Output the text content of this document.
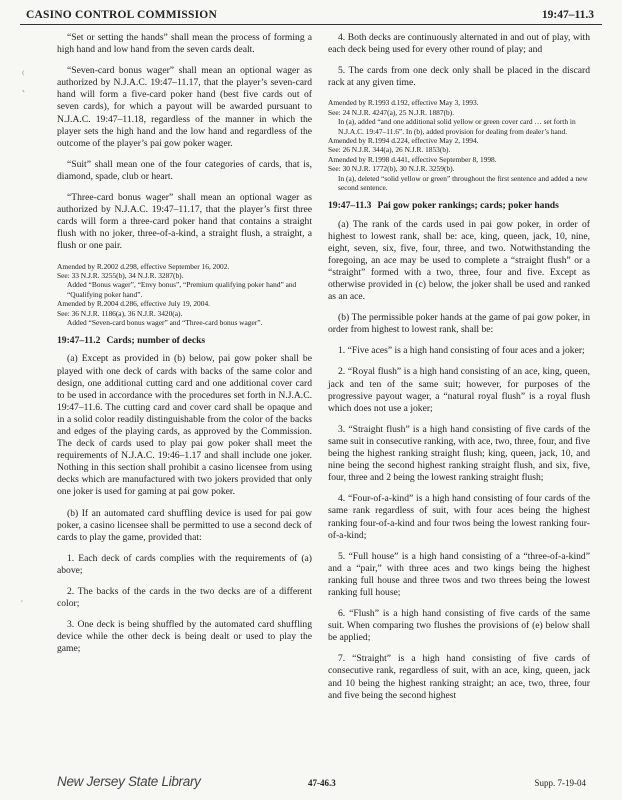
CASINO CONTROL COMMISSION	19:47–11.3
⁽
˛
ˊ

“Set or setting the hands” shall mean the process of forming a high hand and low hand from the seven cards dealt.

“Seven-card bonus wager” shall mean an optional wager as authorized by N.J.A.C. 19:47–11.17, that the player’s seven-card hand will form a five-card poker hand (best five cards out of seven cards), for which a payout will be awarded pursuant to N.J.A.C. 19:47–11.18, regardless of the manner in which the player sets the high hand and the low hand and regardless of the outcome of the player’s pai gow poker wager.

“Suit” shall mean one of the four categories of cards, that is, diamond, spade, club or heart.

“Three-card bonus wager” shall mean an optional wager as authorized by N.J.A.C. 19:47–11.17, that the player’s first three cards will form a three-card poker hand that contains a straight flush with no joker, three-of-a-kind, a straight flush, a straight, a flush or one pair.

Amended by R.2002 d.298, effective September 16, 2002.
See: 33 N.J.R. 3255(b), 34 N.J.R. 3287(b).
Added “Bonus wager”, “Envy bonus”, “Premium qualifying poker hand” and “Qualifying poker hand”.
Amended by R.2004 d.286, effective July 19, 2004.
See: 36 N.J.R. 1186(a), 36 N.J.R. 3420(a).
Added “Seven-card bonus wager” and “Three-card bonus wager”.
19:47–11.2 Cards; number of decks

(a) Except as provided in (b) below, pai gow poker shall be played with one deck of cards with backs of the same color and design, one additional cutting card and one additional cover card to be used in accordance with the procedures set forth in N.J.A.C. 19:47–11.6. The cutting card and cover card shall be opaque and in a solid color readily distinguishable from the color of the backs and edges of the playing cards, as approved by the Commission. The deck of cards used to play pai gow poker shall meet the requirements of N.J.A.C. 19:46–1.17 and shall include one joker. Nothing in this section shall prohibit a casino licensee from using decks which are manufactured with two jokers provided that only one joker is used for gaming at pai gow poker.

(b) If an automated card shuffling device is used for pai gow poker, a casino licensee shall be permitted to use a second deck of cards to play the game, provided that:

1. Each deck of cards complies with the requirements of (a) above;

2. The backs of the cards in the two decks are of a different color;

3. One deck is being shuffled by the automated card shuffling device while the other deck is being dealt or used to play the game;

4. Both decks are continuously alternated in and out of play, with each deck being used for every other round of play; and

5. The cards from one deck only shall be placed in the discard rack at any given time.

Amended by R.1993 d.192, effective May 3, 1993.
See: 24 N.J.R. 4247(a), 25 N.J.R. 1887(b).
In (a), added “and one additional solid yellow or green cover card … set forth in N.J.A.C. 19:47–11.6”. In (b), added provision for dealing from dealer’s hand.
Amended by R.1994 d.224, effective May 2, 1994.
See: 26 N.J.R. 344(a), 26 N.J.R. 1853(b).
Amended by R.1998 d.441, effective September 8, 1998.
See: 30 N.J.R. 1772(b), 30 N.J.R. 3259(b).
In (a), deleted “solid yellow or green” throughout the first sentence and added a new second sentence.
19:47–11.3 Pai gow poker rankings; cards; poker hands

(a) The rank of the cards used in pai gow poker, in order of highest to lowest rank, shall be: ace, king, queen, jack, 10, nine, eight, seven, six, five, four, three, and two. Notwithstanding the foregoing, an ace may be used to complete a “straight flush” or a “straight” formed with a two, three, four and five. Except as otherwise provided in (c) below, the joker shall be used and ranked as an ace.

(b) The permissible poker hands at the game of pai gow poker, in order from highest to lowest rank, shall be:

1. “Five aces” is a high hand consisting of four aces and a joker;

2. “Royal flush” is a high hand consisting of an ace, king, queen, jack and ten of the same suit; however, for purposes of the progressive payout wager, a “natural royal flush” is a royal flush which does not use a joker;

3. “Straight flush” is a high hand consisting of five cards of the same suit in consecutive ranking, with ace, two, three, four, and five being the highest ranking straight flush; king, queen, jack, 10, and nine being the second highest ranking straight flush, and six, five, four, three and 2 being the lowest ranking straight flush;

4. “Four-of-a-kind” is a high hand consisting of four cards of the same rank regardless of suit, with four aces being the highest ranking four-of-a-kind and four twos being the lowest ranking four-of-a-kind;

5. “Full house” is a high hand consisting of a “three-of-a-kind” and a “pair,” with three aces and two kings being the highest ranking full house and three twos and two threes being the lowest ranking full house;

6. “Flush” is a high hand consisting of five cards of the same suit. When comparing two flushes the provisions of (e) below shall be applied;

7. “Straight” is a high hand consisting of five cards of consecutive rank, regardless of suit, with an ace, king, queen, jack and 10 being the highest ranking straight; an ace, two, three, four and five being the second highest

New Jersey State Library	47-46.3	Supp. 7-19-04
